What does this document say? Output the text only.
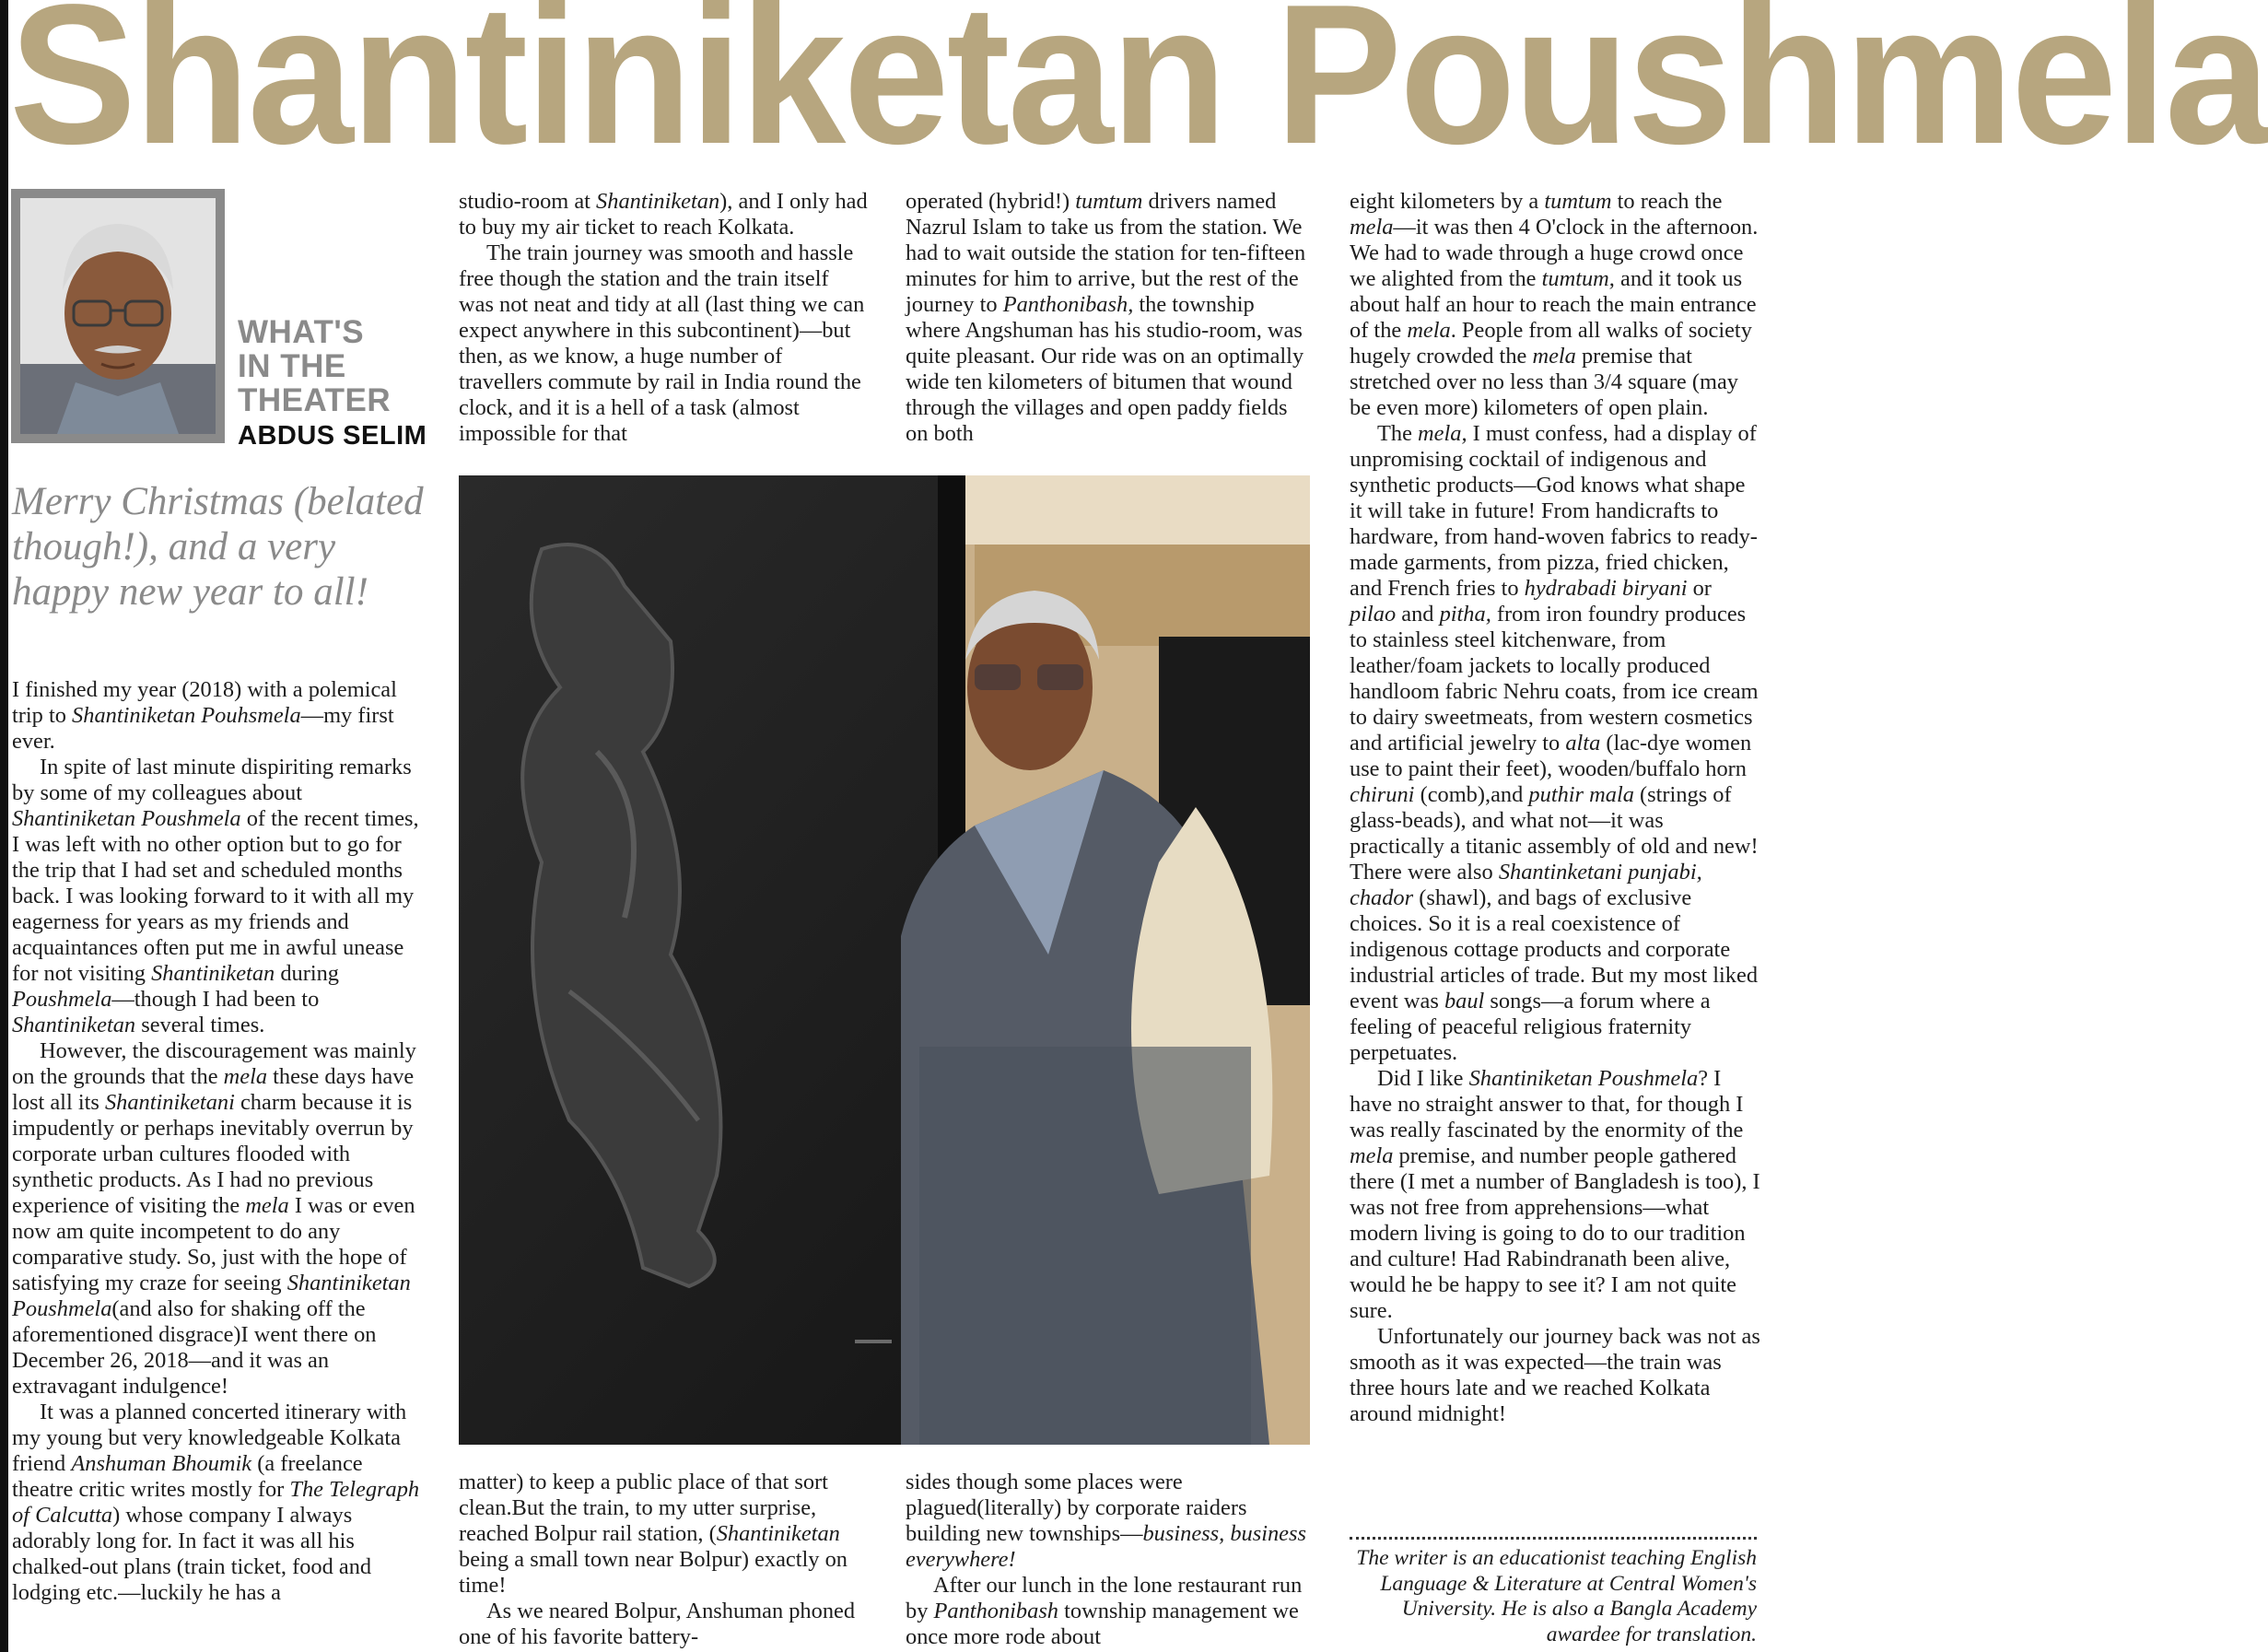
Shantiniketan Poushmela
WHAT'S
IN THE
THEATER
ABDUS SELIM
Merry Christmas (belated though!), and a very happy new year to all!

I finished my year (2018) with a polemical trip to Shantiniketan Pouhsmela—my first ever.

In spite of last minute dispiriting remarks by some of my colleagues about Shantiniketan Poushmela of the recent times, I was left with no other option but to go for the trip that I had set and scheduled months back. I was looking forward to it with all my eagerness for years as my friends and acquaintances often put me in awful unease for not visiting Shantiniketan during Poushmela—though I had been to Shantiniketan several times.

However, the discouragement was mainly on the grounds that the mela these days have lost all its Shantiniketani charm because it is impudently or perhaps inevitably overrun by corporate urban cultures flooded with synthetic products. As I had no previous experience of visiting the mela I was or even now am quite incompetent to do any comparative study. So, just with the hope of satisfying my craze for seeing Shantiniketan Poushmela(and also for shaking off the aforementioned disgrace)I went there on December 26, 2018—and it was an extravagant indulgence!

It was a planned concerted itinerary with my young but very knowledgeable Kolkata friend Anshuman Bhoumik (a freelance theatre critic writes mostly for The Telegraph of Calcutta) whose company I always adorably long for. In fact it was all his chalked-out plans (train ticket, food and lodging etc.—luckily he has a

studio-room at Shantiniketan), and I only had to buy my air ticket to reach Kolkata.

The train journey was smooth and hassle free though the station and the train itself was not neat and tidy at all (last thing we can expect anywhere in this subcontinent)—but then, as we know, a huge number of travellers commute by rail in India round the clock, and it is a hell of a task (almost impossible for that

operated (hybrid!) tumtum drivers named Nazrul Islam to take us from the station. We had to wait outside the station for ten-fifteen minutes for him to arrive, but the rest of the journey to Panthonibash, the township where Angshuman has his studio-room, was quite pleasant. Our ride was on an optimally wide ten kilometers of bitumen that wound through the villages and open paddy fields on both

matter) to keep a public place of that sort clean.But the train, to my utter surprise, reached Bolpur rail station, (Shantiniketan being a small town near Bolpur) exactly on time!

As we neared Bolpur, Anshuman phoned one of his favorite battery-

sides though some places were plagued(literally) by corporate raiders building new townships—business, business everywhere!

After our lunch in the lone restaurant run by Panthonibash township management we once more rode about

eight kilometers by a tumtum to reach the mela—it was then 4 O'clock in the afternoon. We had to wade through a huge crowd once we alighted from the tumtum, and it took us about half an hour to reach the main entrance of the mela. People from all walks of society hugely crowded the mela premise that stretched over no less than 3/4 square (may be even more) kilometers of open plain.

The mela, I must confess, had a display of unpromising cocktail of indigenous and synthetic products—God knows what shape it will take in future! From handicrafts to hardware, from hand-woven fabrics to ready-made garments, from pizza, fried chicken, and French fries to hydrabadi biryani or pilao and pitha, from iron foundry produces to stainless steel kitchenware, from leather/foam jackets to locally produced handloom fabric Nehru coats, from ice cream to dairy sweetmeats, from western cosmetics and artificial jewelry to alta (lac-dye women use to paint their feet), wooden/buffalo horn chiruni (comb),and puthir mala (strings of glass-beads), and what not—it was practically a titanic assembly of old and new! There were also Shantinketani punjabi, chador (shawl), and bags of exclusive choices. So it is a real coexistence of indigenous cottage products and corporate industrial articles of trade. But my most liked event was baul songs—a forum where a feeling of peaceful religious fraternity perpetuates.

Did I like Shantiniketan Poushmela? I have no straight answer to that, for though I was really fascinated by the enormity of the mela premise, and number people gathered there (I met a number of Bangladesh is too), I was not free from apprehensions—what modern living is going to do to our tradition and culture! Had Rabindranath been alive, would he be happy to see it? I am not quite sure.

Unfortunately our journey back was not as smooth as it was expected—the train was three hours late and we reached Kolkata around midnight!

The writer is an educationist teaching English Language & Literature at Central Women's University. He is also a Bangla Academy awardee for translation.
